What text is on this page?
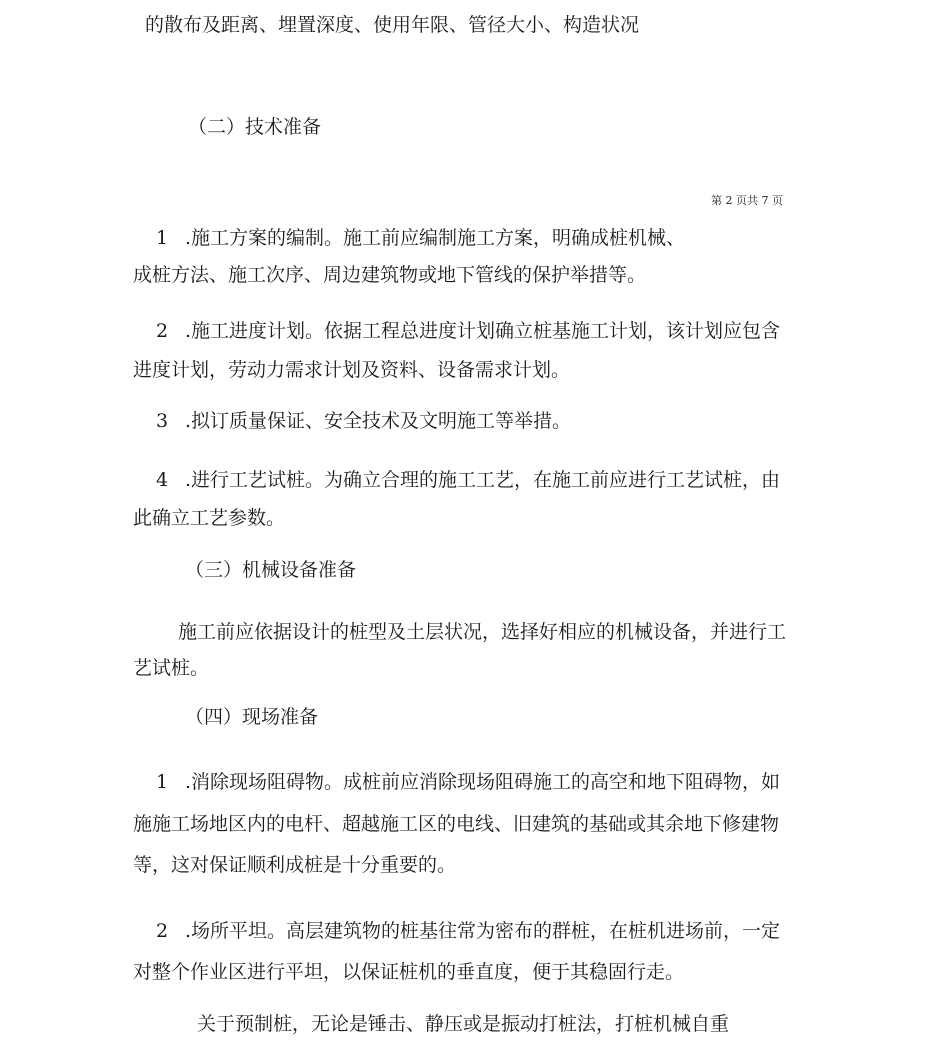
的散布及距离、埋置深度、使用年限、管径大小、构造状况
（二）技术准备
第 2 页共 7 页
1 .施工方案的编制。施工前应编制施工方案，明确成桩机械、
成桩方法、施工次序、周边建筑物或地下管线的保护举措等。
2 .施工进度计划。依据工程总进度计划确立桩基施工计划，该计划应包含
进度计划，劳动力需求计划及资料、设备需求计划。
3 .拟订质量保证、安全技术及文明施工等举措。
4 .进行工艺试桩。为确立合理的施工工艺，在施工前应进行工艺试桩，由
此确立工艺参数。
（三）机械设备准备
施工前应依据设计的桩型及土层状况，选择好相应的机械设备，并进行工
艺试桩。
（四）现场准备
1 .消除现场阻碍物。成桩前应消除现场阻碍施工的高空和地下阻碍物，如
施施工场地区内的电杆、超越施工区的电线、旧建筑的基础或其余地下修建物
等，这对保证顺利成桩是十分重要的。
2 .场所平坦。高层建筑物的桩基往常为密布的群桩，在桩机进场前，一定
对整个作业区进行平坦，以保证桩机的垂直度，便于其稳固行走。
关于预制桩，无论是锤击、静压或是振动打桩法，打桩机械自重
